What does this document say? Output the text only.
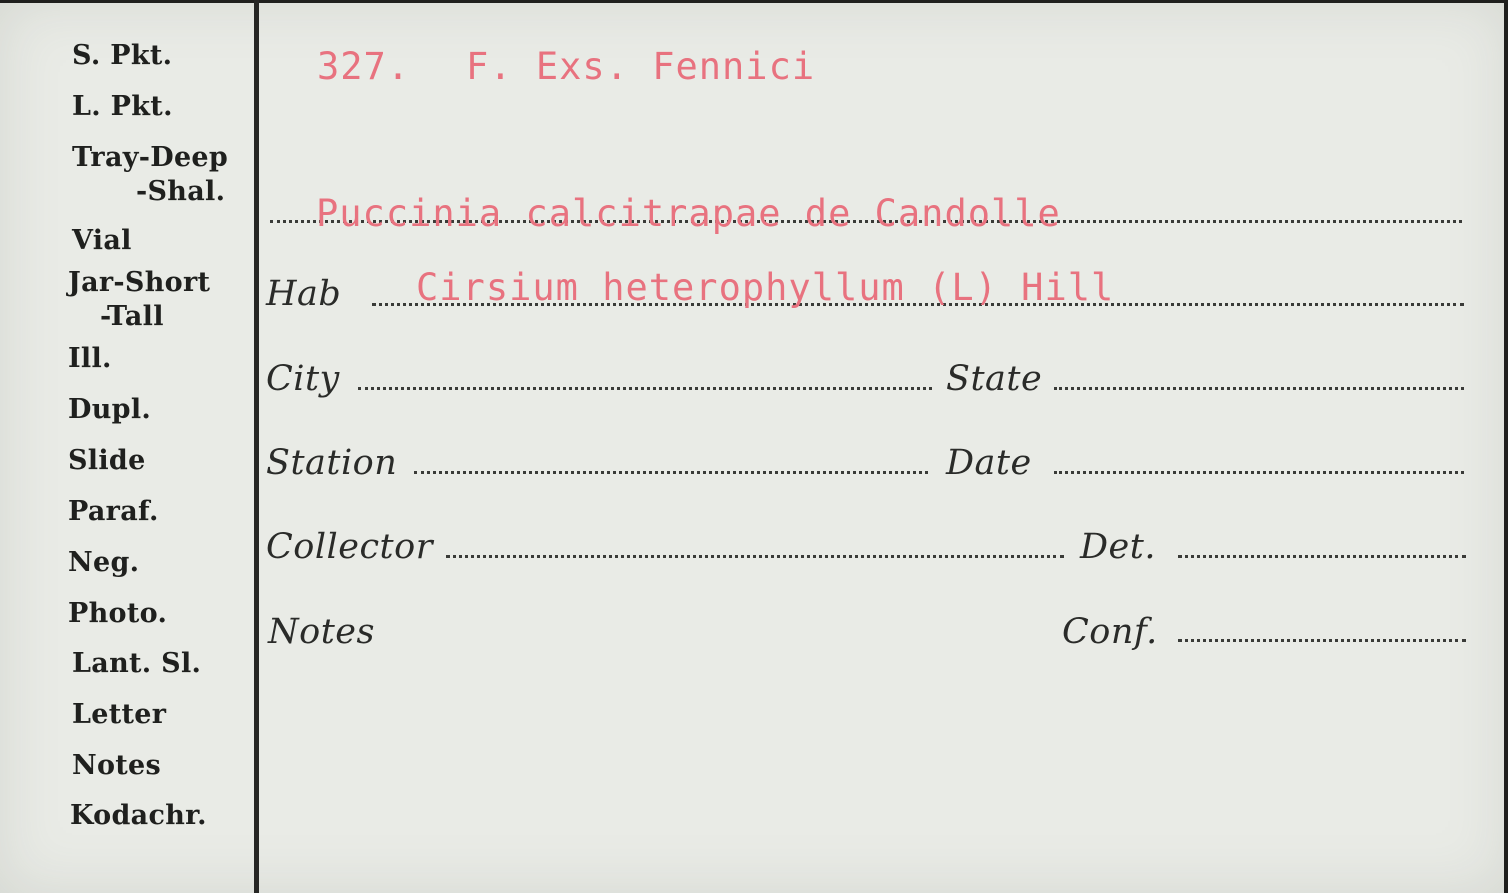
S. Pkt.
L. Pkt.
Tray-Deep
-Shal.
Vial
Jar-Short
-Tall
Ill.
Dupl.
Slide
Paraf.
Neg.
Photo.
Lant. Sl.
Letter
Notes
Kodachr.
327. F. Exs. Fennici
Puccinia calcitrapae de Candolle
Hab Cirsium heterophyllum (L) Hill
City	State
Station	Date
Collector	Det.
Notes	Conf.
